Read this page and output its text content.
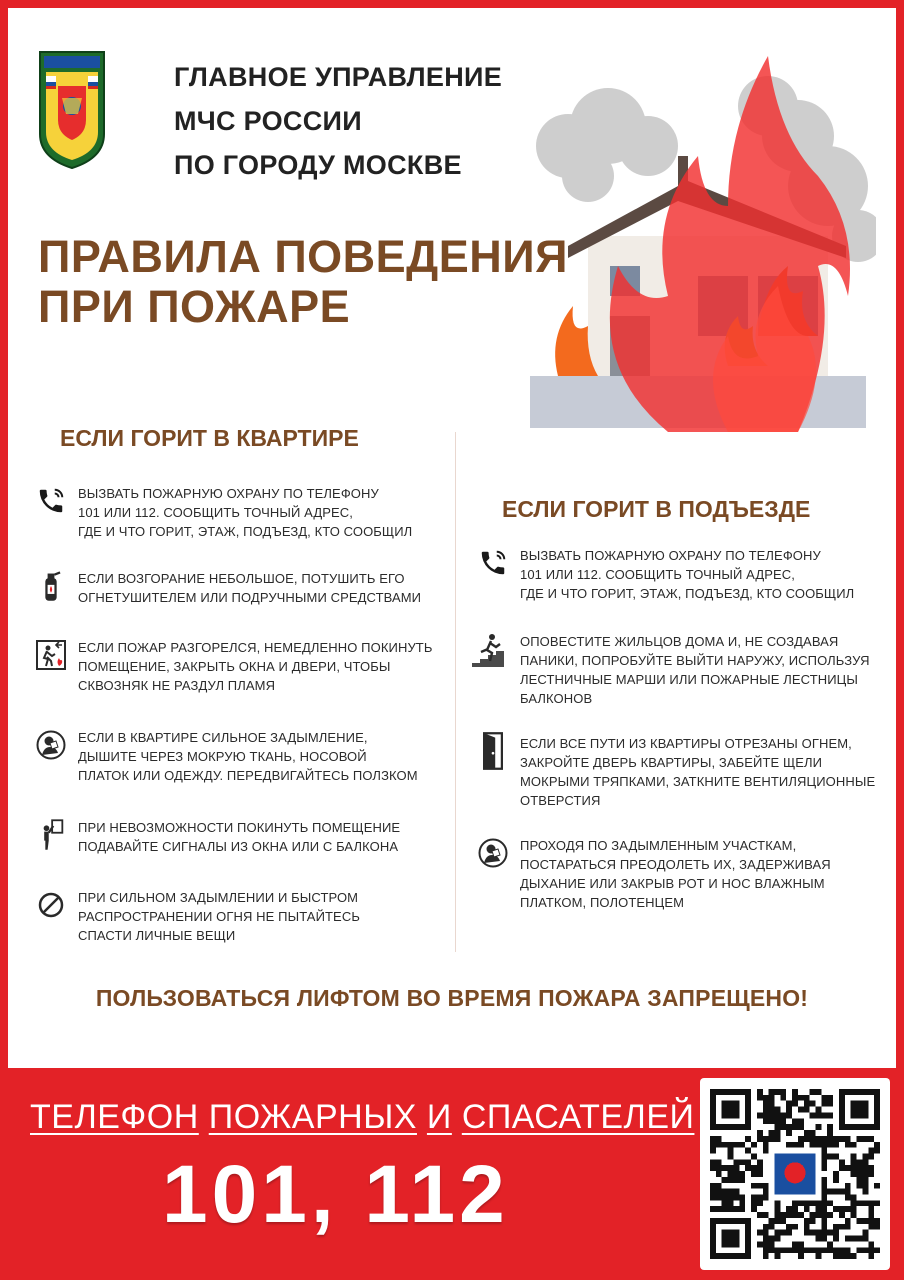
ГЛАВНОЕ УПРАВЛЕНИЕ
МЧС РОССИИ
ПО ГОРОДУ МОСКВЕ
ПРАВИЛА ПОВЕДЕНИЯ
ПРИ ПОЖАРЕ
ЕСЛИ ГОРИТ В КВАРТИРЕ
ВЫЗВАТЬ ПОЖАРНУЮ ОХРАНУ ПО ТЕЛЕФОНУ
101 ИЛИ 112. СООБЩИТЬ ТОЧНЫЙ АДРЕС,
ГДЕ И ЧТО ГОРИТ, ЭТАЖ, ПОДЪЕЗД, КТО СООБЩИЛ
ЕСЛИ ВОЗГОРАНИЕ НЕБОЛЬШОЕ, ПОТУШИТЬ ЕГО
ОГНЕТУШИТЕЛЕМ ИЛИ ПОДРУЧНЫМИ СРЕДСТВАМИ
ЕСЛИ ПОЖАР РАЗГОРЕЛСЯ, НЕМЕДЛЕННО ПОКИНУТЬ
ПОМЕЩЕНИЕ, ЗАКРЫТЬ ОКНА И ДВЕРИ, ЧТОБЫ
СКВОЗНЯК НЕ РАЗДУЛ ПЛАМЯ
ЕСЛИ В КВАРТИРЕ СИЛЬНОЕ ЗАДЫМЛЕНИЕ,
ДЫШИТЕ ЧЕРЕЗ МОКРУЮ ТКАНЬ, НОСОВОЙ
ПЛАТОК ИЛИ ОДЕЖДУ. ПЕРЕДВИГАЙТЕСЬ ПОЛЗКОМ
ПРИ НЕВОЗМОЖНОСТИ ПОКИНУТЬ ПОМЕЩЕНИЕ
ПОДАВАЙТЕ СИГНАЛЫ ИЗ ОКНА ИЛИ С БАЛКОНА
ПРИ СИЛЬНОМ ЗАДЫМЛЕНИИ И БЫСТРОМ
РАСПРОСТРАНЕНИИ ОГНЯ НЕ ПЫТАЙТЕСЬ
СПАСТИ ЛИЧНЫЕ ВЕЩИ
ЕСЛИ ГОРИТ В ПОДЪЕЗДЕ
ВЫЗВАТЬ ПОЖАРНУЮ ОХРАНУ ПО ТЕЛЕФОНУ
101 ИЛИ 112. СООБЩИТЬ ТОЧНЫЙ АДРЕС,
ГДЕ И ЧТО ГОРИТ, ЭТАЖ, ПОДЪЕЗД, КТО СООБЩИЛ
ОПОВЕСТИТЕ ЖИЛЬЦОВ ДОМА И, НЕ СОЗДАВАЯ
ПАНИКИ, ПОПРОБУЙТЕ ВЫЙТИ НАРУЖУ, ИСПОЛЬЗУЯ
ЛЕСТНИЧНЫЕ МАРШИ ИЛИ ПОЖАРНЫЕ ЛЕСТНИЦЫ
БАЛКОНОВ
ЕСЛИ ВСЕ ПУТИ ИЗ КВАРТИРЫ ОТРЕЗАНЫ ОГНЕМ,
ЗАКРОЙТЕ ДВЕРЬ КВАРТИРЫ, ЗАБЕЙТЕ ЩЕЛИ
МОКРЫМИ ТРЯПКАМИ, ЗАТКНИТЕ ВЕНТИЛЯЦИОННЫЕ
ОТВЕРСТИЯ
ПРОХОДЯ ПО ЗАДЫМЛЕННЫМ УЧАСТКАМ,
ПОСТАРАТЬСЯ ПРЕОДОЛЕТЬ ИХ, ЗАДЕРЖИВАЯ
ДЫХАНИЕ ИЛИ ЗАКРЫВ РОТ И НОС ВЛАЖНЫМ
ПЛАТКОМ, ПОЛОТЕНЦЕМ
ПОЛЬЗОВАТЬСЯ ЛИФТОМ ВО ВРЕМЯ ПОЖАРА ЗАПРЕЩЕНО!
ТЕЛЕФОН ПОЖАРНЫХ И СПАСАТЕЛЕЙ
101, 112
